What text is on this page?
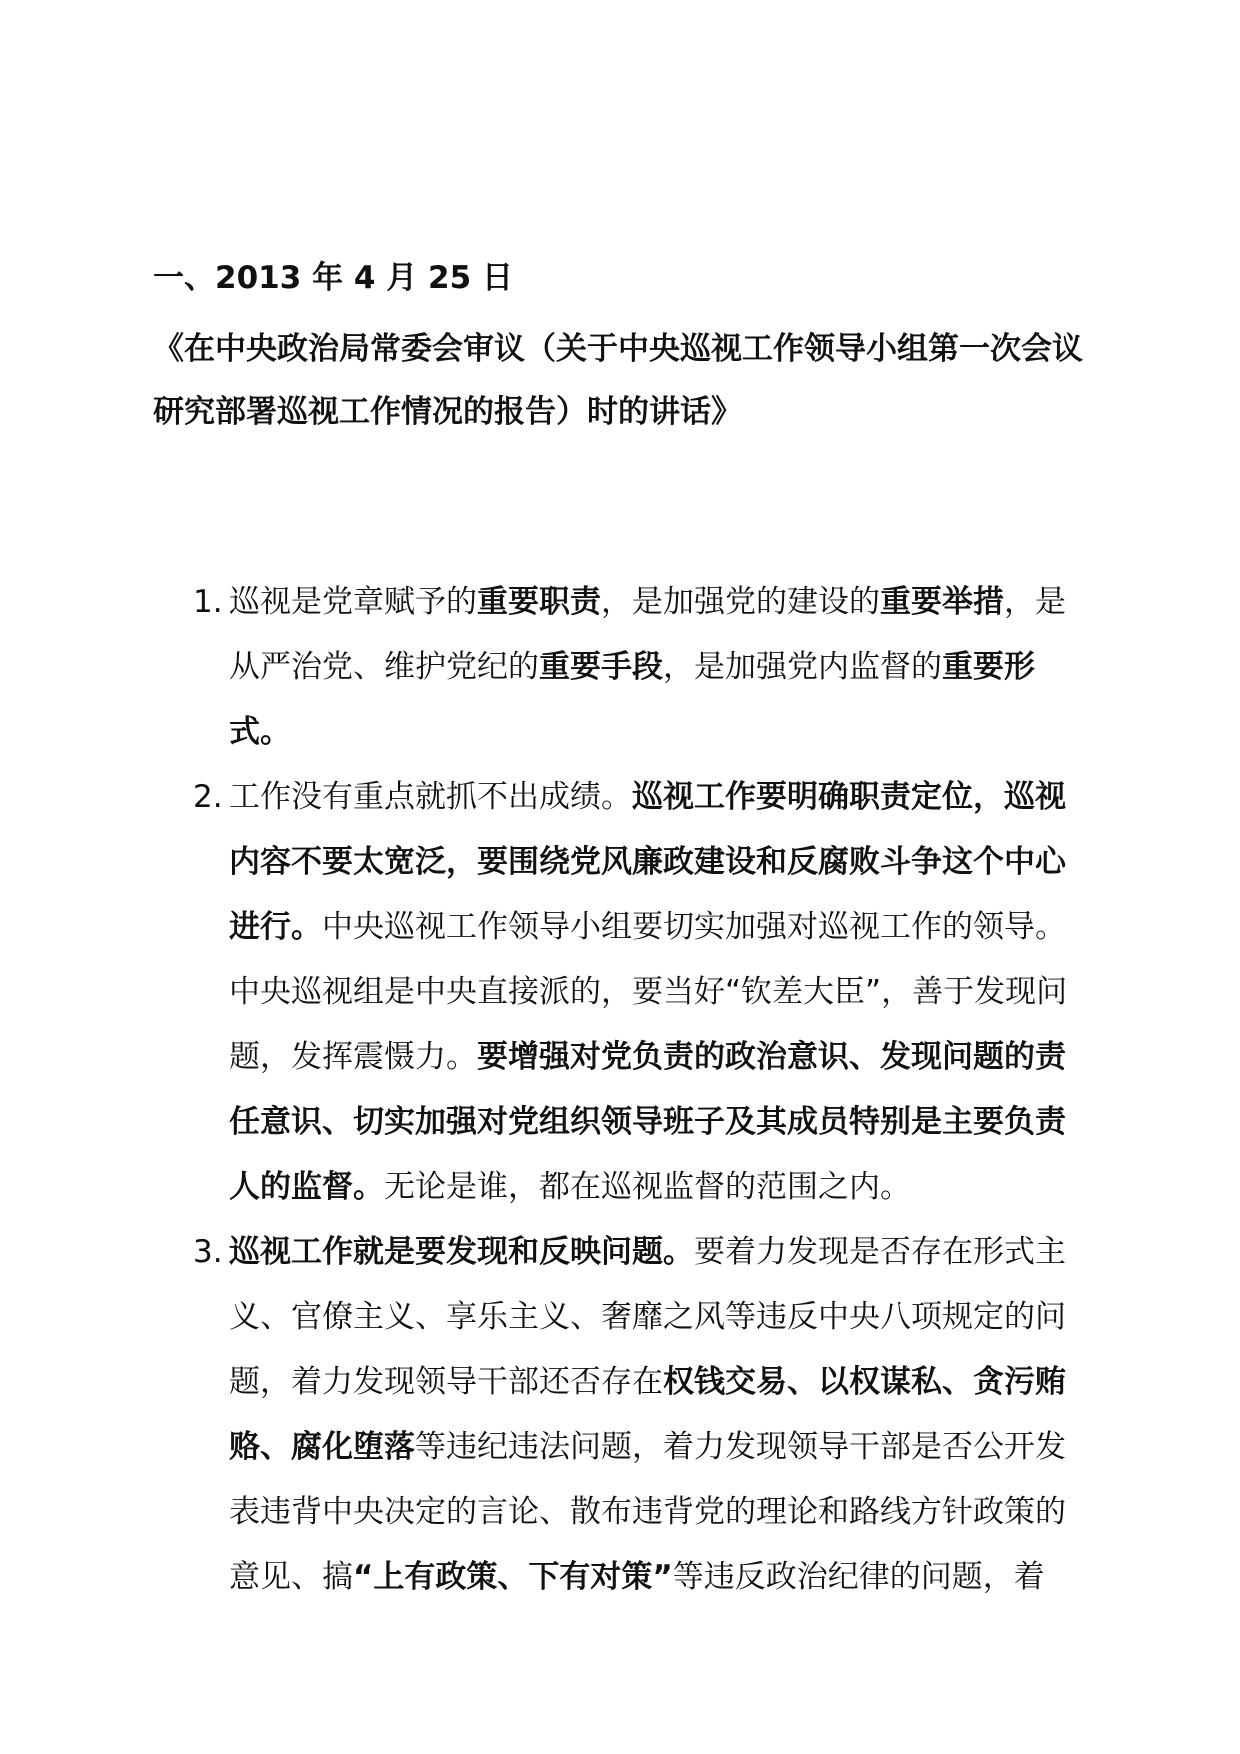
一、2013 年 4 月 25 日
《在中央政治局常委会审议（关于中央巡视工作领导小组第一次会议研究部署巡视工作情况的报告）时的讲话》
1. 巡视是党章赋予的重要职责，是加强党的建设的重要举措，是从严治党、维护党纪的重要手段，是加强党内监督的重要形式。
2. 工作没有重点就抓不出成绩。巡视工作要明确职责定位，巡视内容不要太宽泛，要围绕党风廉政建设和反腐败斗争这个中心进行。中央巡视工作领导小组要切实加强对巡视工作的领导。中央巡视组是中央直接派的，要当好“钦差大臣”，善于发现问题，发挥震慑力。要增强对党负责的政治意识、发现问题的责任意识、切实加强对党组织领导班子及其成员特别是主要负责人的监督。无论是谁，都在巡视监督的范围之内。
3. 巡视工作就是要发现和反映问题。要着力发现是否存在形式主义、官僚主义、享乐主义、奢靡之风等违反中央八项规定的问题，着力发现领导干部还否存在权钱交易、以权谋私、贪污贿赂、腐化堕落等违纪违法问题，着力发现领导干部是否公开发表违背中央决定的言论、散布违背党的理论和路线方针政策的意见、搞“上有政策、下有对策”等违反政治纪律的问题，着
